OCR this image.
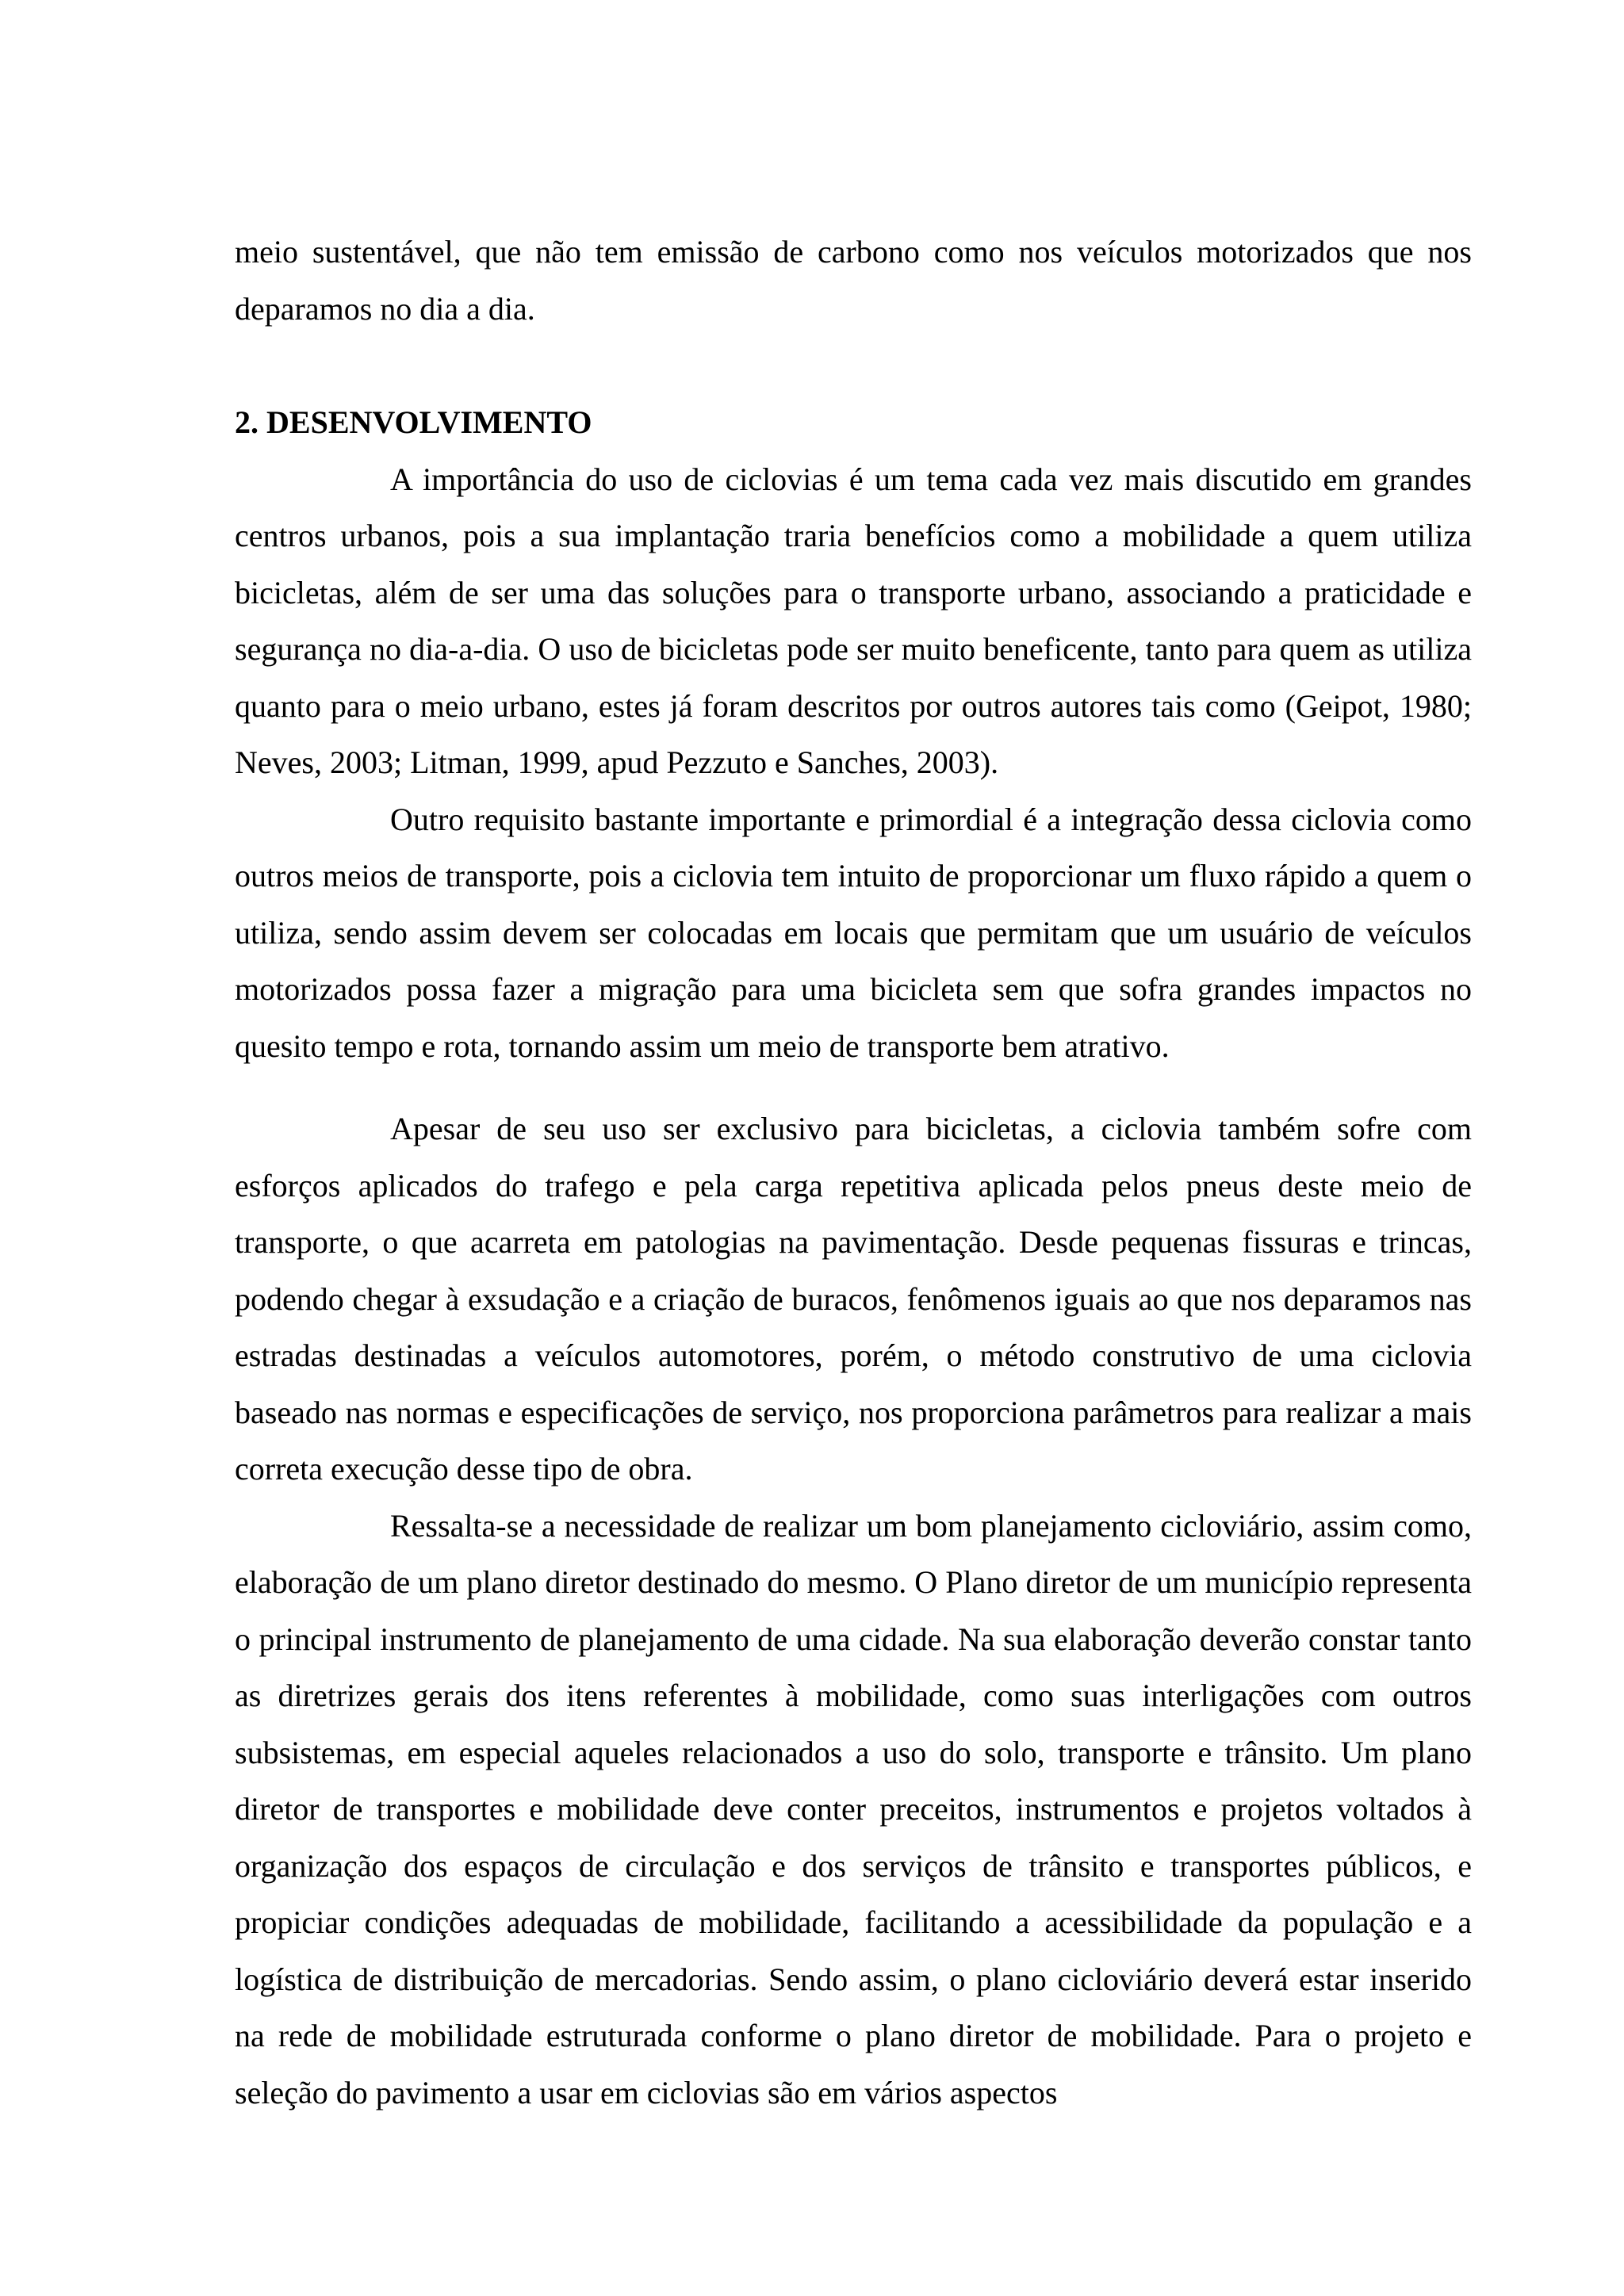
meio sustentável, que não tem emissão de carbono como nos veículos motorizados que nos deparamos no dia a dia.

2. DESENVOLVIMENTO

A importância do uso de ciclovias é um tema cada vez mais discutido em grandes centros urbanos, pois a sua implantação traria benefícios como a mobilidade a quem utiliza bicicletas, além de ser uma das soluções para o transporte urbano, associando a praticidade e segurança no dia-a-dia. O uso de bicicletas pode ser muito beneficente, tanto para quem as utiliza quanto para o meio urbano, estes já foram descritos por outros autores tais como (Geipot, 1980; Neves, 2003; Litman, 1999, apud Pezzuto e Sanches, 2003).

Outro requisito bastante importante e primordial é a integração dessa ciclovia como outros meios de transporte, pois a ciclovia tem intuito de proporcionar um fluxo rápido a quem o utiliza, sendo assim devem ser colocadas em locais que permitam que um usuário de veículos motorizados possa fazer a migração para uma bicicleta sem que sofra grandes impactos no quesito tempo e rota, tornando assim um meio de transporte bem atrativo.

Apesar de seu uso ser exclusivo para bicicletas, a ciclovia também sofre com esforços aplicados do trafego e pela carga repetitiva aplicada pelos pneus deste meio de transporte, o que acarreta em patologias na pavimentação. Desde pequenas fissuras e trincas, podendo chegar à exsudação e a criação de buracos, fenômenos iguais ao que nos deparamos nas estradas destinadas a veículos automotores, porém, o método construtivo de uma ciclovia baseado nas normas e especificações de serviço, nos proporciona parâmetros para realizar a mais correta execução desse tipo de obra.

Ressalta-se a necessidade de realizar um bom planejamento cicloviário, assim como, elaboração de um plano diretor destinado do mesmo. O Plano diretor de um município representa o principal instrumento de planejamento de uma cidade. Na sua elaboração deverão constar tanto as diretrizes gerais dos itens referentes à mobilidade, como suas interligações com outros subsistemas, em especial aqueles relacionados a uso do solo, transporte e trânsito. Um plano diretor de transportes e mobilidade deve conter preceitos, instrumentos e projetos voltados à organização dos espaços de circulação e dos serviços de trânsito e transportes públicos, e propiciar condições adequadas de mobilidade, facilitando a acessibilidade da população e a logística de distribuição de mercadorias. Sendo assim, o plano cicloviário deverá estar inserido na rede de mobilidade estruturada conforme o plano diretor de mobilidade. Para o projeto e seleção do pavimento a usar em ciclovias são em vários aspectos
